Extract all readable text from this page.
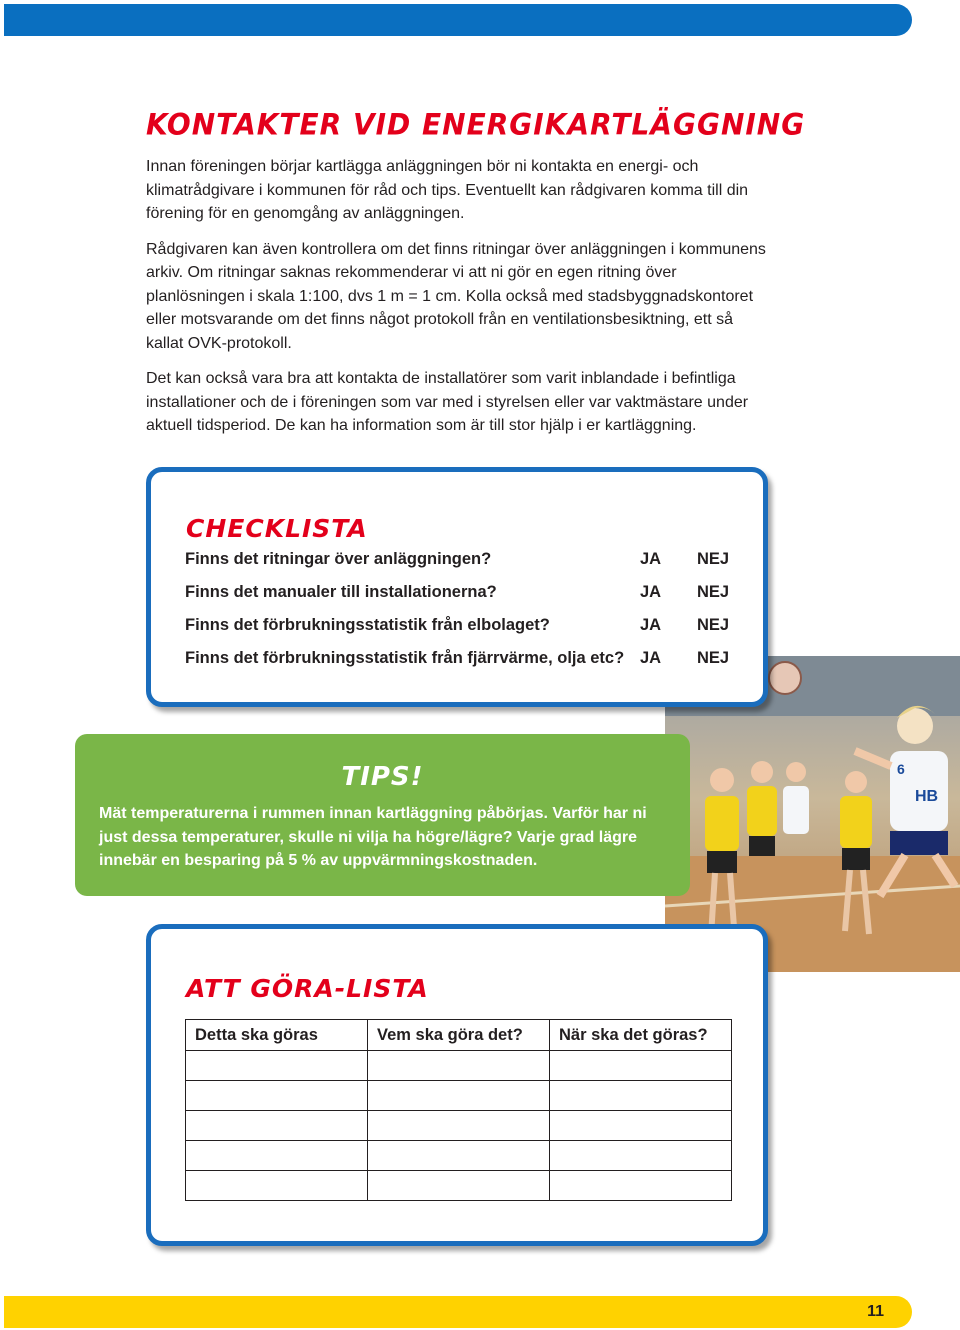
KONTAKTER VID ENERGIKARTLÄGGNING

Innan föreningen börjar kartlägga anläggningen bör ni kontakta en energi- och klimatrådgivare i kommunen för råd och tips. Eventuellt kan rådgivaren komma till din förening för en genomgång av anläggningen.

Rådgivaren kan även kontrollera om det finns ritningar över anläggningen i kommunens arkiv. Om ritningar saknas rekommenderar vi att ni gör en egen ritning över planlösningen i skala 1:100, dvs 1 m = 1 cm. Kolla också med stadsbyggnadskontoret eller motsvarande om det finns något protokoll från en ventilationsbesiktning, ett så kallat OVK-protokoll.

Det kan också vara bra att kontakta de installatörer som varit inblandade i befintliga installationer och de i föreningen som var med i styrelsen eller var vaktmästare under aktuell tidsperiod. De kan ha information som är till stor hjälp i er kartläggning.

HB
6
CHECKLISTA
Finns det ritningar över anläggningen?	JA NEJ
Finns det manualer till installationerna?	JA NEJ
Finns det förbrukningsstatistik från elbolaget?	JA NEJ
Finns det förbrukningsstatistik från fjärrvärme, olja etc? JA NEJ
TIPS!
Mät temperaturerna i rummen innan kartläggning påbörjas. Varför har ni just dessa temperaturer, skulle ni vilja ha högre/lägre? Varje grad lägre innebär en besparing på 5 % av uppvärmningskostnaden.
ATT GÖRA-LISTA
Detta ska göras	Vem ska göra det?	När ska det göras?

11
